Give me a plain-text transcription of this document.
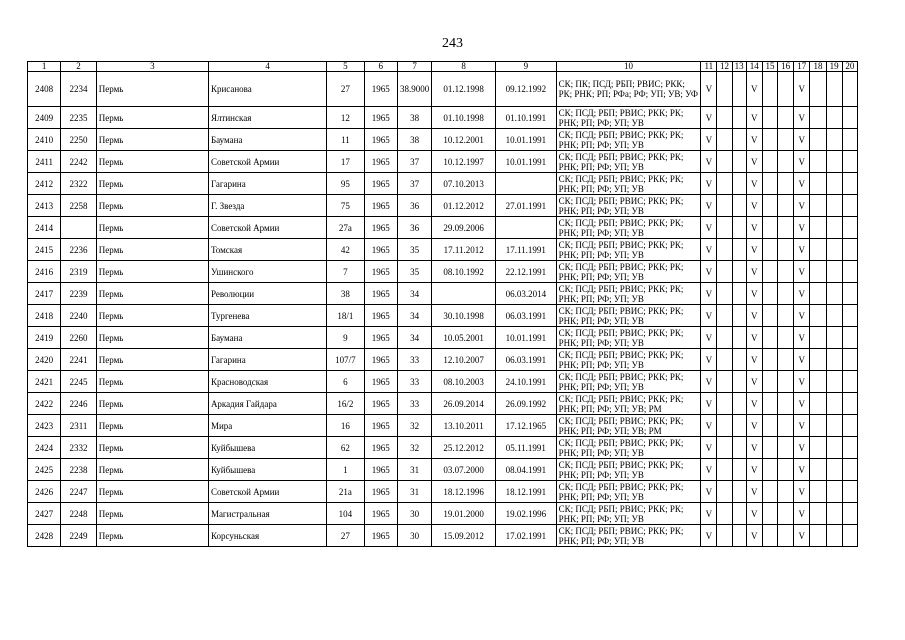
243
1	2	3	4	5	6	7	8	9	10	11	12	13	14	15	16	17	18	19	20
2408	2234	Пермь	Крисанова	27	1965	38.9000	01.12.1998	09.12.1992	СК; ПК; ПСД; РБП; РВИС; РКК; РК; РНК; РП; РФа; РФ; УП; УВ; УФ	V			V			V			
2409	2235	Пермь	Ялтинская	12	1965	38	01.10.1998	01.10.1991	СК; ПСД; РБП; РВИС; РКК; РК; РНК; РП; РФ; УП; УВ	V			V			V			
2410	2250	Пермь	Баумана	11	1965	38	10.12.2001	10.01.1991	СК; ПСД; РБП; РВИС; РКК; РК; РНК; РП; РФ; УП; УВ	V			V			V			
2411	2242	Пермь	Советской Армии	17	1965	37	10.12.1997	10.01.1991	СК; ПСД; РБП; РВИС; РКК; РК; РНК; РП; РФ; УП; УВ	V			V			V			
2412	2322	Пермь	Гагарина	95	1965	37	07.10.2013		СК; ПСД; РБП; РВИС; РКК; РК; РНК; РП; РФ; УП; УВ	V			V			V			
2413	2258	Пермь	Г. Звезда	75	1965	36	01.12.2012	27.01.1991	СК; ПСД; РБП; РВИС; РКК; РК; РНК; РП; РФ; УП; УВ	V			V			V			
2414		Пермь	Советской Армии	27а	1965	36	29.09.2006		СК; ПСД; РБП; РВИС; РКК; РК; РНК; РП; РФ; УП; УВ	V			V			V			
2415	2236	Пермь	Томская	42	1965	35	17.11.2012	17.11.1991	СК; ПСД; РБП; РВИС; РКК; РК; РНК; РП; РФ; УП; УВ	V			V			V			
2416	2319	Пермь	Ушинского	7	1965	35	08.10.1992	22.12.1991	СК; ПСД; РБП; РВИС; РКК; РК; РНК; РП; РФ; УП; УВ	V			V			V			
2417	2239	Пермь	Революции	38	1965	34		06.03.2014	СК; ПСД; РБП; РВИС; РКК; РК; РНК; РП; РФ; УП; УВ	V			V			V			
2418	2240	Пермь	Тургенева	18/1	1965	34	30.10.1998	06.03.1991	СК; ПСД; РБП; РВИС; РКК; РК; РНК; РП; РФ; УП; УВ	V			V			V			
2419	2260	Пермь	Баумана	9	1965	34	10.05.2001	10.01.1991	СК; ПСД; РБП; РВИС; РКК; РК; РНК; РП; РФ; УП; УВ	V			V			V			
2420	2241	Пермь	Гагарина	107/7	1965	33	12.10.2007	06.03.1991	СК; ПСД; РБП; РВИС; РКК; РК; РНК; РП; РФ; УП; УВ	V			V			V			
2421	2245	Пермь	Красноводская	6	1965	33	08.10.2003	24.10.1991	СК; ПСД; РБП; РВИС; РКК; РК; РНК; РП; РФ; УП; УВ	V			V			V			
2422	2246	Пермь	Аркадия Гайдара	16/2	1965	33	26.09.2014	26.09.1992	СК; ПСД; РБП; РВИС; РКК; РК; РНК; РП; РФ; УП; УВ; РМ	V			V			V			
2423	2311	Пермь	Мира	16	1965	32	13.10.2011	17.12.1965	СК; ПСД; РБП; РВИС; РКК; РК; РНК; РП; РФ; УП; УВ; РМ	V			V			V			
2424	2332	Пермь	Куйбышева	62	1965	32	25.12.2012	05.11.1991	СК; ПСД; РБП; РВИС; РКК; РК; РНК; РП; РФ; УП; УВ	V			V			V			
2425	2238	Пермь	Куйбышева	1	1965	31	03.07.2000	08.04.1991	СК; ПСД; РБП; РВИС; РКК; РК; РНК; РП; РФ; УП; УВ	V			V			V			
2426	2247	Пермь	Советской Армии	21а	1965	31	18.12.1996	18.12.1991	СК; ПСД; РБП; РВИС; РКК; РК; РНК; РП; РФ; УП; УВ	V			V			V			
2427	2248	Пермь	Магистральная	104	1965	30	19.01.2000	19.02.1996	СК; ПСД; РБП; РВИС; РКК; РК; РНК; РП; РФ; УП; УВ	V			V			V			
2428	2249	Пермь	Корсуньская	27	1965	30	15.09.2012	17.02.1991	СК; ПСД; РБП; РВИС; РКК; РК; РНК; РП; РФ; УП; УВ	V			V			V			
